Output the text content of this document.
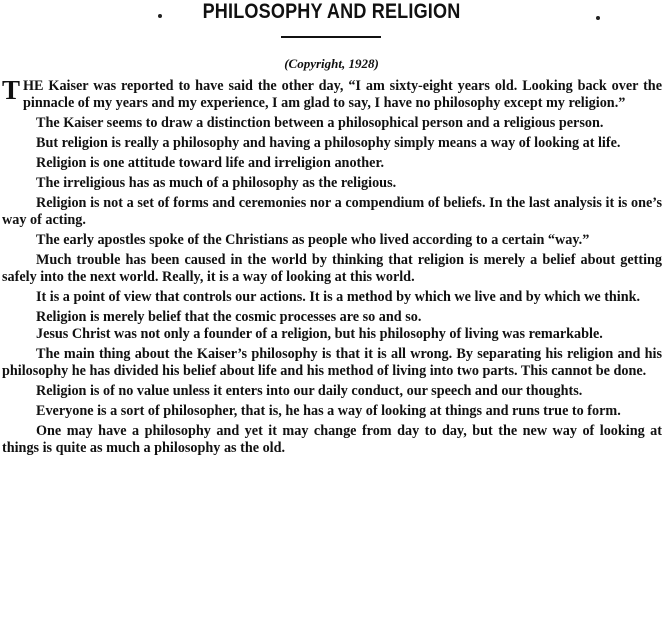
PHILOSOPHY AND RELIGION
(Copyright, 1928)

THE Kaiser was reported to have said the other day, “I am sixty-eight years old. Looking back over the pinnacle of my years and my experience, I am glad to say, I have no philosophy except my religion.”

The Kaiser seems to draw a distinction between a philosophical person and a religious person.

But religion is really a philosophy and having a philosophy simply means a way of looking at life.

Religion is one attitude toward life and irreligion another.

The irreligious has as much of a philosophy as the religious.

Religion is not a set of forms and ceremonies nor a compendium of beliefs. In the last analysis it is one’s way of acting.

The early apostles spoke of the Christians as people who lived according to a certain “way.”

Much trouble has been caused in the world by thinking that religion is merely a belief about getting safely into the next world. Really, it is a way of looking at this world.

It is a point of view that controls our actions. It is a method by which we live and by which we think.

Religion is merely belief that the cosmic processes are so and so.

Jesus Christ was not only a founder of a religion, but his philosophy of living was remarkable.

The main thing about the Kaiser’s philosophy is that it is all wrong. By separating his religion and his philosophy he has divided his belief about life and his method of living into two parts. This cannot be done.

Religion is of no value unless it enters into our daily conduct, our speech and our thoughts.

Everyone is a sort of philosopher, that is, he has a way of looking at things and runs true to form.

One may have a philosophy and yet it may change from day to day, but the new way of looking at things is quite as much a philosophy as the old.
